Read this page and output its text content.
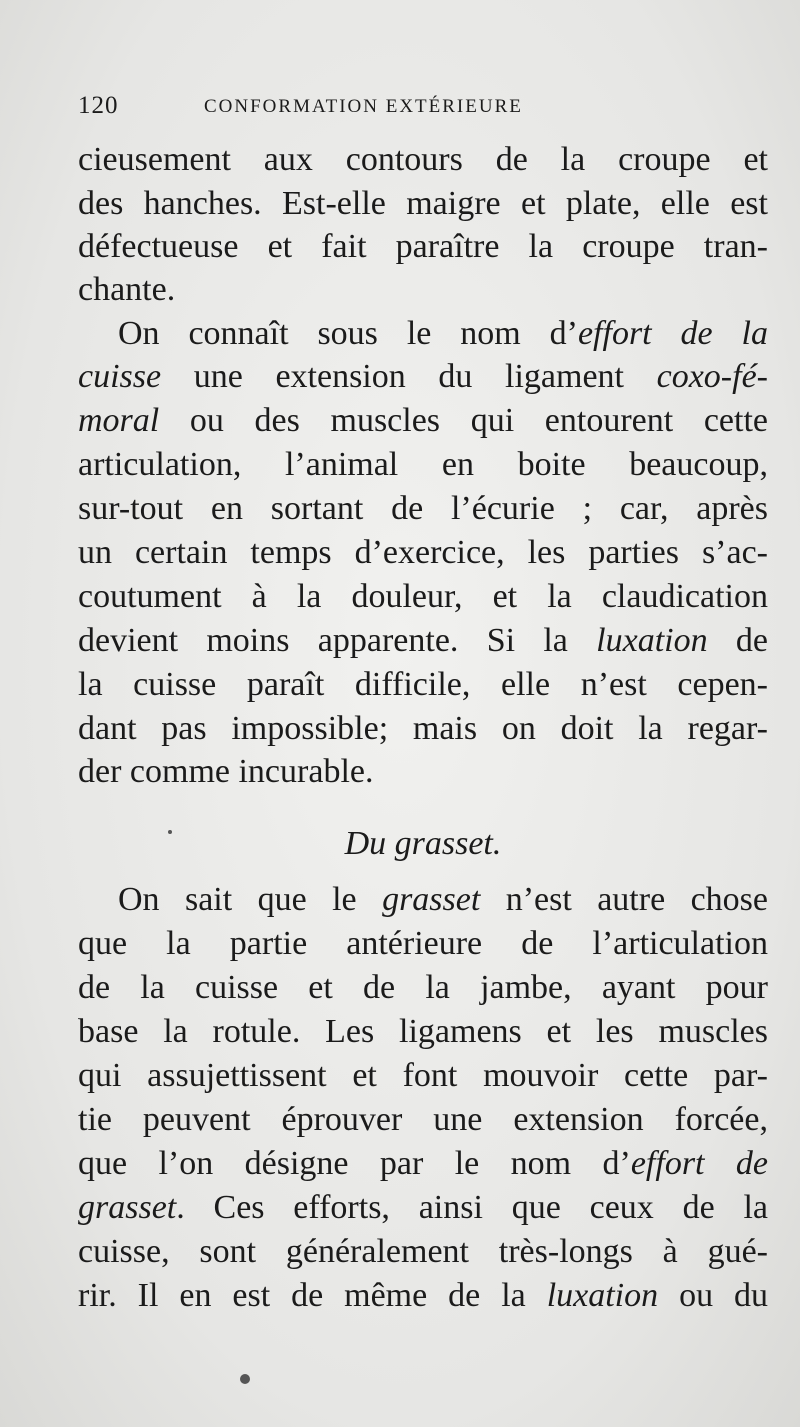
120	CONFORMATION EXTÉRIEURE
cieusement aux contours de la croupe et
des hanches. Est-elle maigre et plate, elle est
défectueuse et fait paraître la croupe tran-
chante.
On connaît sous le nom d’effort de la
cuisse une extension du ligament coxo-fé-
moral ou des muscles qui entourent cette
articulation, l’animal en boite beaucoup,
sur-tout en sortant de l’écurie ; car, après
un certain temps d’exercice, les parties s’ac-
coutument à la douleur, et la claudication
devient moins apparente. Si la luxation de
la cuisse paraît difficile, elle n’est cepen-
dant pas impossible; mais on doit la regar-
der comme incurable.
Du grasset.
On sait que le grasset n’est autre chose
que la partie antérieure de l’articulation
de la cuisse et de la jambe, ayant pour
base la rotule. Les ligamens et les muscles
qui assujettissent et font mouvoir cette par-
tie peuvent éprouver une extension forcée,
que l’on désigne par le nom d’effort de
grasset. Ces efforts, ainsi que ceux de la
cuisse, sont généralement très-longs à gué-
rir. Il en est de même de la luxation ou du
